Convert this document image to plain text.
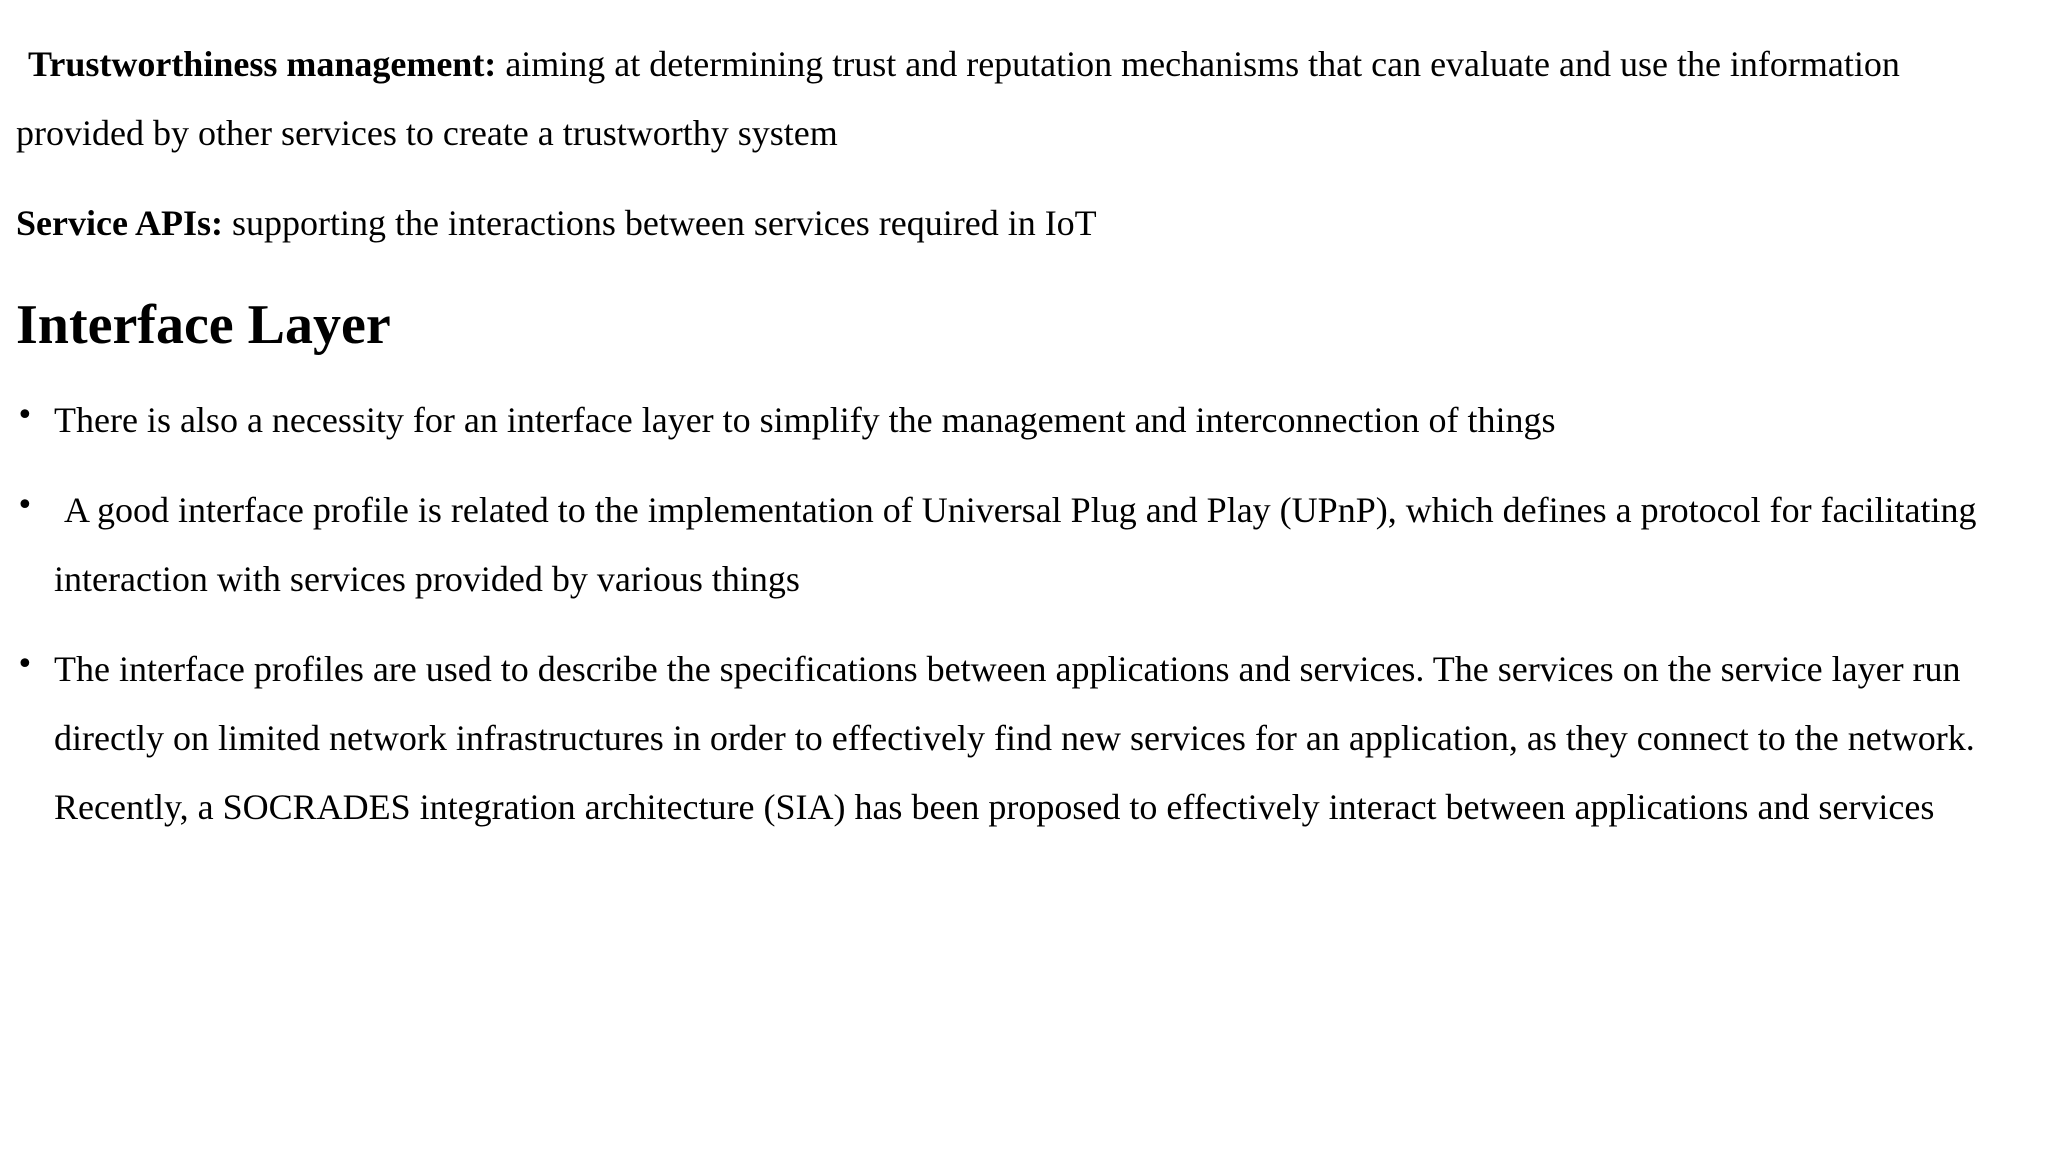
Trustworthiness management: aiming at determining trust and reputation mechanisms that can evaluate and use the information provided by other services to create a trustworthy system

Service APIs: supporting the interactions between services required in IoT

Interface Layer
• There is also a necessity for an interface layer to simplify the management and interconnection of things
• A good interface profile is related to the implementation of Universal Plug and Play (UPnP), which defines a protocol for facilitating interaction with services provided by various things
• The interface profiles are used to describe the specifications between applications and services. The services on the service layer run directly on limited network infrastructures in order to effectively find new services for an application, as they connect to the network. Recently, a SOCRADES integration architecture (SIA) has been proposed to effectively interact between applications and services
